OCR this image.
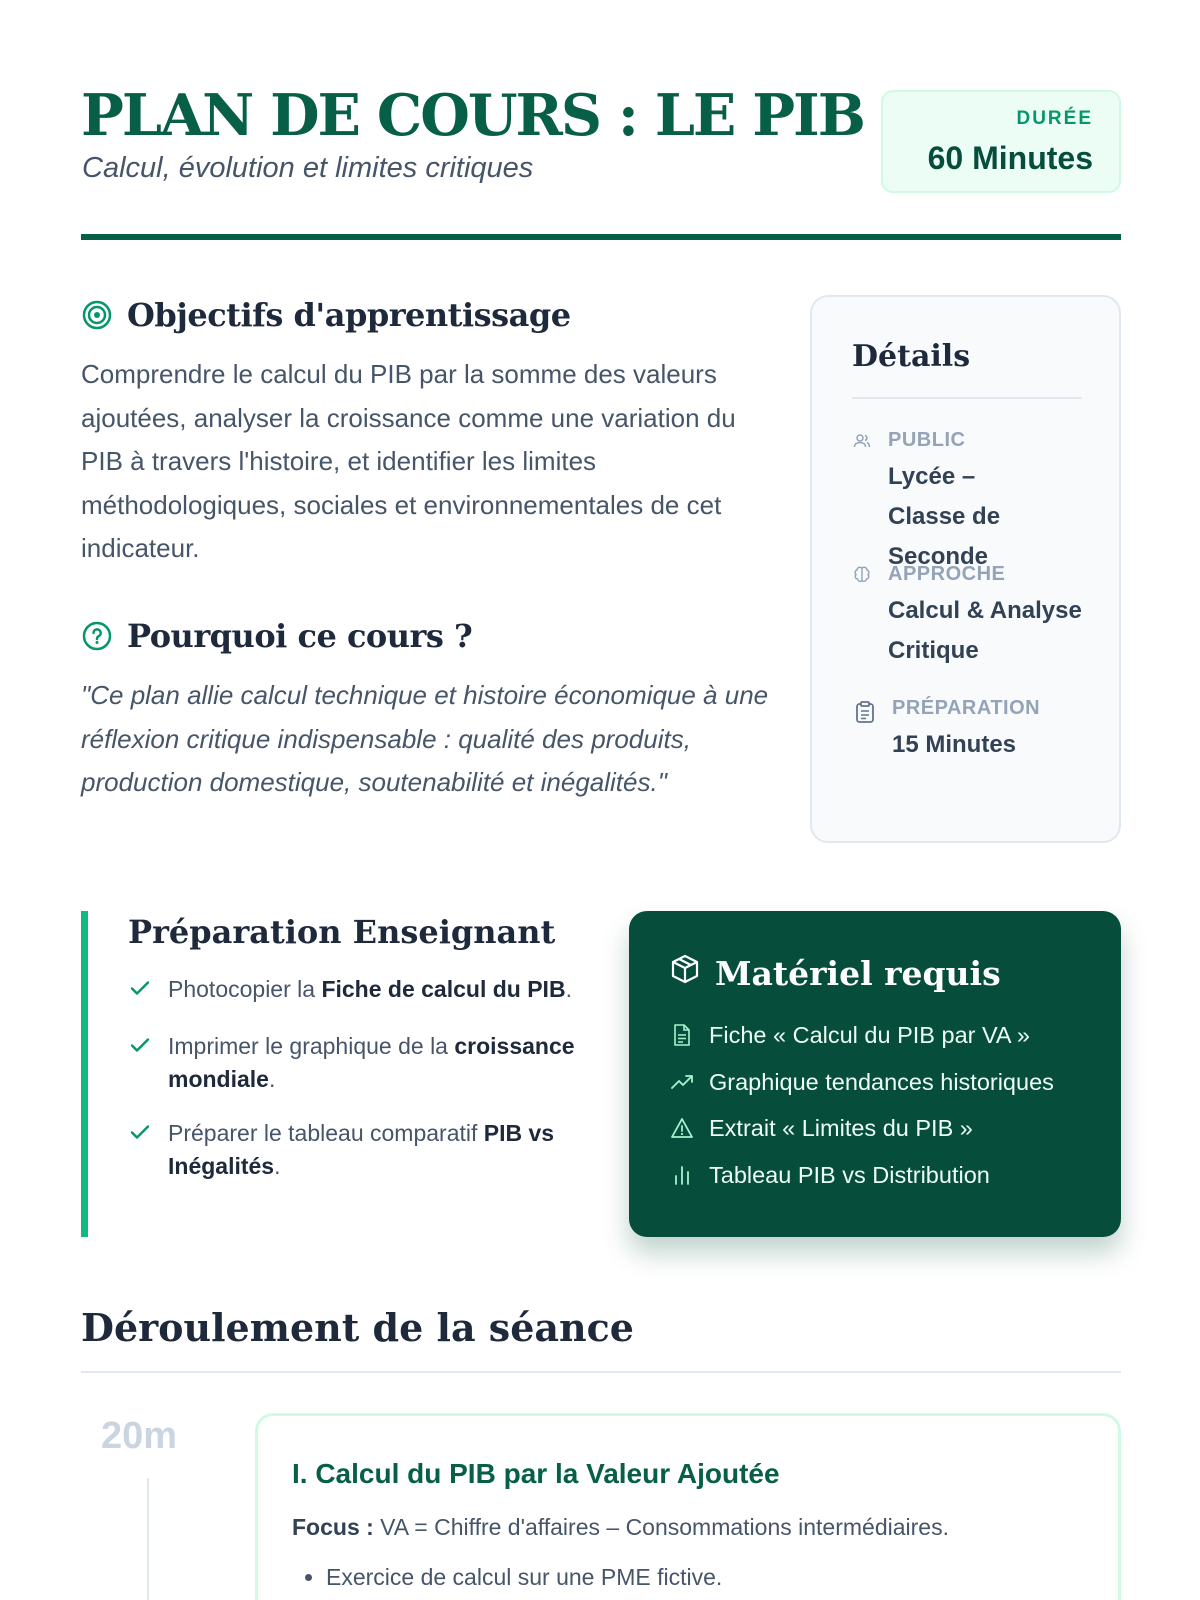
PLAN DE COURS : LE PIB
Calcul, évolution et limites critiques
DURÉE
60 Minutes
Objectifs d'apprentissage

Comprendre le calcul du PIB par la somme des valeurs ajoutées, analyser la croissance comme une variation du PIB à travers l'histoire, et identifier les limites méthodologiques, sociales et environnementales de cet indicateur.

Pourquoi ce cours ?

"Ce plan allie calcul technique et histoire économique à une réflexion critique indispensable : qualité des produits, production domestique, soutenabilité et inégalités."

Détails
PUBLIC
Lycée – Classe de Seconde
APPROCHE
Calcul & Analyse Critique
PRÉPARATION
15 Minutes
Préparation Enseignant
Photocopier la Fiche de calcul du PIB.
Imprimer le graphique de la croissance mondiale.
Préparer le tableau comparatif PIB vs Inégalités.
Matériel requis
Fiche « Calcul du PIB par VA »
Graphique tendances historiques
Extrait « Limites du PIB »
Tableau PIB vs Distribution
Déroulement de la séance
20m
I. Calcul du PIB par la Valeur Ajoutée
Focus : VA = Chiffre d'affaires – Consommations intermédiaires.
• Exercice de calcul sur une PME fictive.
